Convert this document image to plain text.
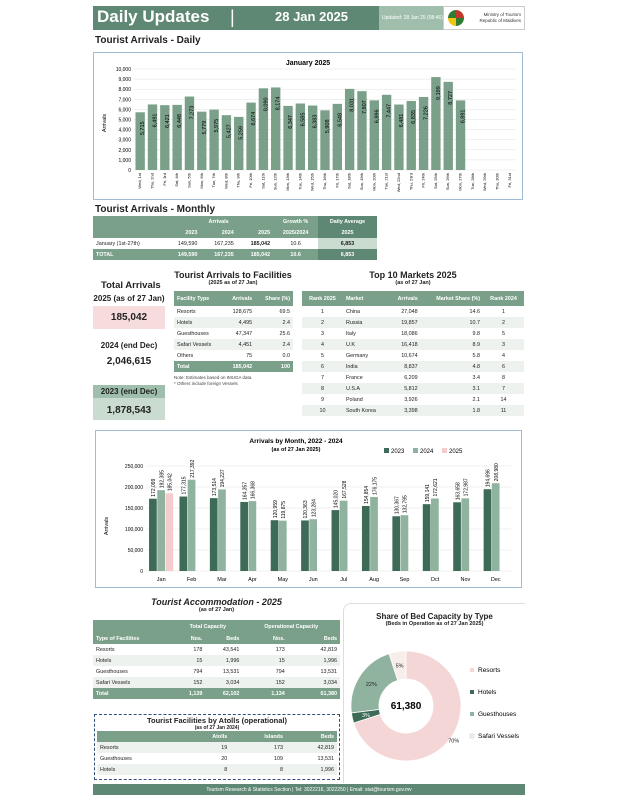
Daily Updates |	28 Jan 2025	Updated: 28 Jan 25 (08:46)
Ministry of Tourism
Republic of Maldives
Tourist Arrivals - Daily
January 2025
Arrivals
0
1,000
2,000
3,000
4,000
5,000
6,000
7,000
8,000
9,000
10,000
5,715
Wed, 1st
6,491
Thu, 2nd
6,421
Fri, 3rd
6,448
Sat, 4th
7,273
Sun, 5th
5,779
Mon, 6th
5,975
Tue, 7th
5,427
Wed, 8th
5,259
Thu, 9th
6,674
Fri, 10th
8,090
Sat, 11th
8,174
Sun, 12th
6,347
Mon, 13th
6,585
Tue, 14th
6,383
Wed, 15th
5,908
Thu, 16th
6,548
Fri, 17th
8,031
Sat, 18th
7,807
Sun, 19th
6,896
Mon, 20th
7,447
Tue, 21st
6,481
Wed, 22nd
6,835
Thu, 23rd
7,226
Fri, 24th
9,199
Sat, 25th
8,727
Sun, 26th
6,891
Mon, 27th Tue, 28th Wed, 29th Thu, 30th Fri, 31st
Tourist Arrivals - Monthly
	Arrivals			Growth %	Daily Average
	2023	2024	2025	2025/2024	2025
January (1st-27th)	149,590	167,235	185,042	10.6	6,853
TOTAL	149,590	167,235	185,042	10.6	6,853
Total Arrivals
2025 (as of 27 Jan)
185,042
2024 (end Dec)
2,046,615
2023 (end Dec)
1,878,543
Tourist Arrivals to Facilities
(2025 as of 27 Jan)
Facility Type	Arrivals	Share (%)
Resorts	128,675	69.5
Hotels	4,495	2.4
Guesthouses	47,347	25.6
Safari Vessels	4,451	2.4
Others	75	0.0
Total	185,042	100
Note: Estimates based on IMUGA data.
* Others include foreign Vessels
Top 10 Markets 2025
(as of 27 Jan)
Rank 2025	Market	Arrivals	Market Share (%)	Rank 2024
1	China	27,048	14.6	1
2	Russia	19,857	10.7	2
3	Italy	18,086	9.8	5
4	U.K	16,418	8.9	3
5	Germany	10,674	5.8	4
6	India	8,837	4.8	6
7	France	6,209	3.4	8
8	U.S.A	5,812	3.1	7
9	Poland	3,926	2.1	14
10	South Korea	3,398	1.8	11
Arrivals by Month, 2022 - 2024
(as of 27 Jan 2025)
Arrivals
0
50,000
100,000
150,000
200,000
250,000
172,099 192,385 185,042
Jan
177,315
217,392
Feb
173,514 194,227
Mar
164,357 166,368
Apr
120,959 119,875
May
120,363 123,284
Jun
145,020
167,528
Jul
154,854 176,175
Aug
130,367 132,795
Sep
159,141 172,621
Oct
163,658 172,987
Nov
194,696 208,980
Dec
2023	2024	2025
Tourist Accommodation - 2025
(as of 27 Jan)
	Total Capacity		Operational Capacity	
Type of Facilities	Nos.	Beds	Nos.	Beds
Resorts	178	43,541	173	42,819
Hotels	15	1,996	15	1,996
Guesthouses	794	13,531	794	13,531
Safari Vessels	152	3,034	152	3,034
Total	1,139	62,102	1,134	61,380
Tourist Facilities by Atolls (operational)
(as of 27 Jan 2024)
	Atolls	Islands	Beds
Resorts	19	173	42,819
Guesthouses	20	109	13,531
Hotels	8	8	1,996
Share of Bed Capacity by Type
(Beds in Operation as of 27 Jan 2025)
5%
70%
3%
22%
61,380
Resorts
Hotels
Guesthouses
Safari Vessels
Tourism Research & Statistics Section | Tel: 3022216, 3022250 | Email: stat@tourism.gov.mv
